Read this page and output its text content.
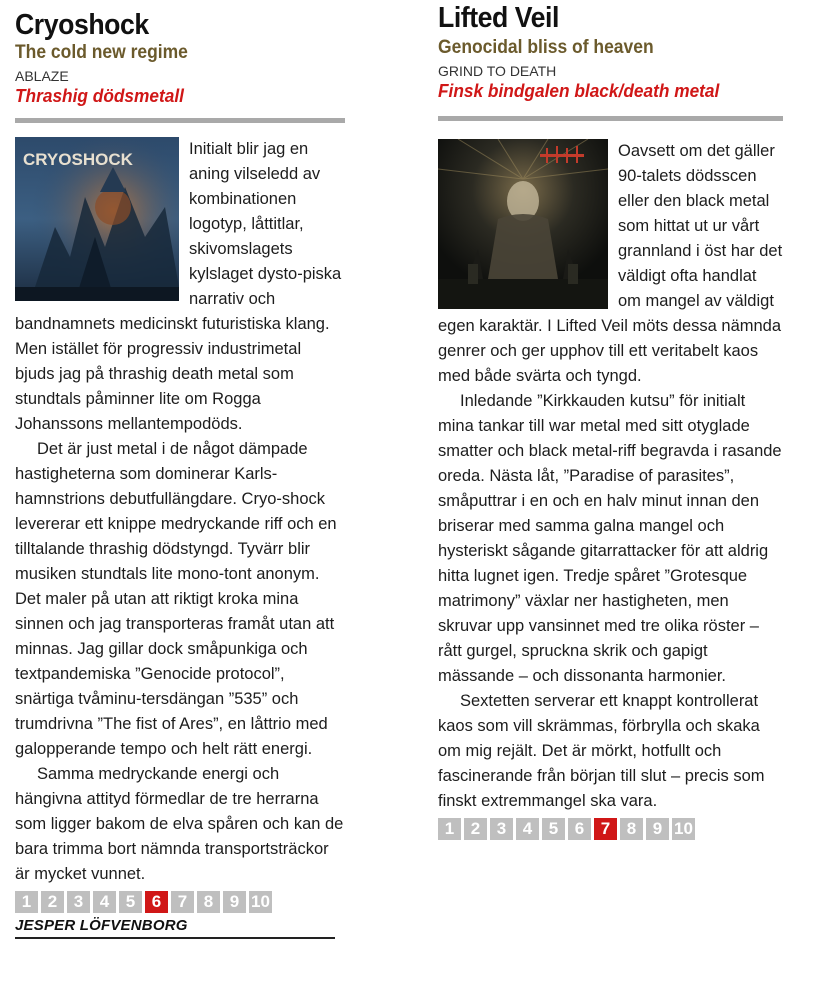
Cryoshock
The cold new regime
ABLAZE
Thrashig dödsmetall
CRYOSHOCK

Initialt blir jag en aning vilseledd av kombinationen logotyp, låttitlar, skivomslagets kylslaget dysto-piska narrativ och bandnamnets medicinskt futuristiska klang. Men istället för progressiv industrimetal bjuds jag på thrashig death metal som stundtals påminner lite om Rogga Johanssons mellantempodöds.

Det är just metal i de något dämpade hastigheterna som dominerar Karls-hamnstrions debutfullängdare. Cryo-shock levererar ett knippe medryckande riff och en tilltalande thrashig dödstyngd. Tyvärr blir musiken stundtals lite mono-tont anonym. Det maler på utan att riktigt kroka mina sinnen och jag transporteras framåt utan att minnas. Jag gillar dock småpunkiga och textpandemiska ”Genocide protocol”, snärtiga tvåminu-tersdängan ”535” och trumdrivna ”The fist of Ares”, en låttrio med galopperande tempo och helt rätt energi.

Samma medryckande energi och hängivna attityd förmedlar de tre herrarna som ligger bakom de elva spåren och kan de bara trimma bort nämnda transportsträckor är mycket vunnet.

1 2 3 4 5 6 7 8 9 10
JESPER LÖFVENBORG
Lifted Veil
Genocidal bliss of heaven
GRIND TO DEATH
Finsk bindgalen black/death metal

Oavsett om det gäller 90-talets dödsscen eller den black metal som hittat ut ur vårt grannland i öst har det väldigt ofta handlat om mangel av väldigt egen karaktär. I Lifted Veil möts dessa nämnda genrer och ger upphov till ett veritabelt kaos med både svärta och tyngd.

Inledande ”Kirkkauden kutsu” för initialt mina tankar till war metal med sitt otyglade smatter och black metal-riff begravda i rasande oreda. Nästa låt, ”Paradise of parasites”, småputtrar i en och en halv minut innan den briserar med samma galna mangel och hysteriskt sågande gitarrattacker för att aldrig hitta lugnet igen. Tredje spåret ”Grotesque matrimony” växlar ner hastigheten, men skruvar upp vansinnet med tre olika röster – rått gurgel, spruckna skrik och gapigt mässande – och dissonanta harmonier.

Sextetten serverar ett knappt kontrollerat kaos som vill skrämmas, förbrylla och skaka om mig rejält. Det är mörkt, hotfullt och fascinerande från början till slut – precis som finskt extremmangel ska vara.

1 2 3 4 5 6 7 8 9 10
